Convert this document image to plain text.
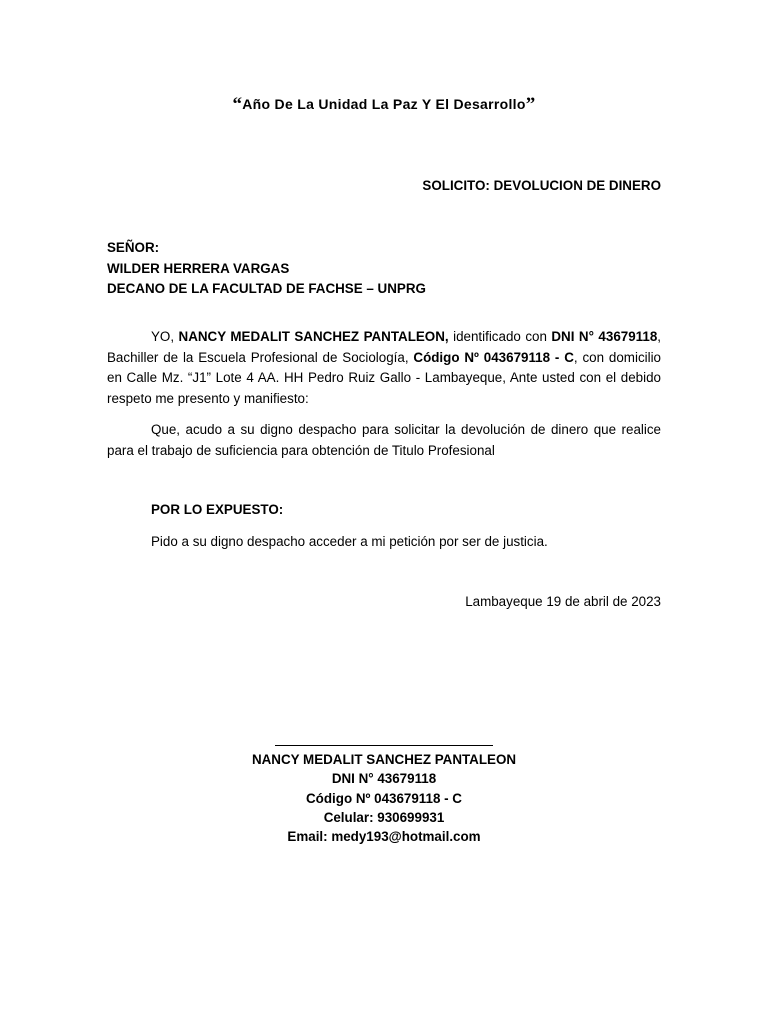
“Año De La Unidad La Paz Y El Desarrollo”
SOLICITO: DEVOLUCION DE DINERO
SEÑOR:
WILDER HERRERA VARGAS
DECANO DE LA FACULTAD DE FACHSE – UNPRG
YO, NANCY MEDALIT SANCHEZ PANTALEON, identificado con DNI N° 43679118, Bachiller de la Escuela Profesional de Sociología, Código Nº 043679118 - C, con domicilio en Calle Mz. “J1” Lote 4 AA. HH Pedro Ruiz Gallo - Lambayeque, Ante usted con el debido respeto me presento y manifiesto:
Que, acudo a su digno despacho para solicitar la devolución de dinero que realice para el trabajo de suficiencia para obtención de Titulo Profesional
POR LO EXPUESTO:
Pido a su digno despacho acceder a mi petición por ser de justicia.
Lambayeque 19 de abril de 2023
NANCY MEDALIT SANCHEZ PANTALEON
DNI N° 43679118
Código Nº 043679118 - C
Celular: 930699931
Email: medy193@hotmail.com
